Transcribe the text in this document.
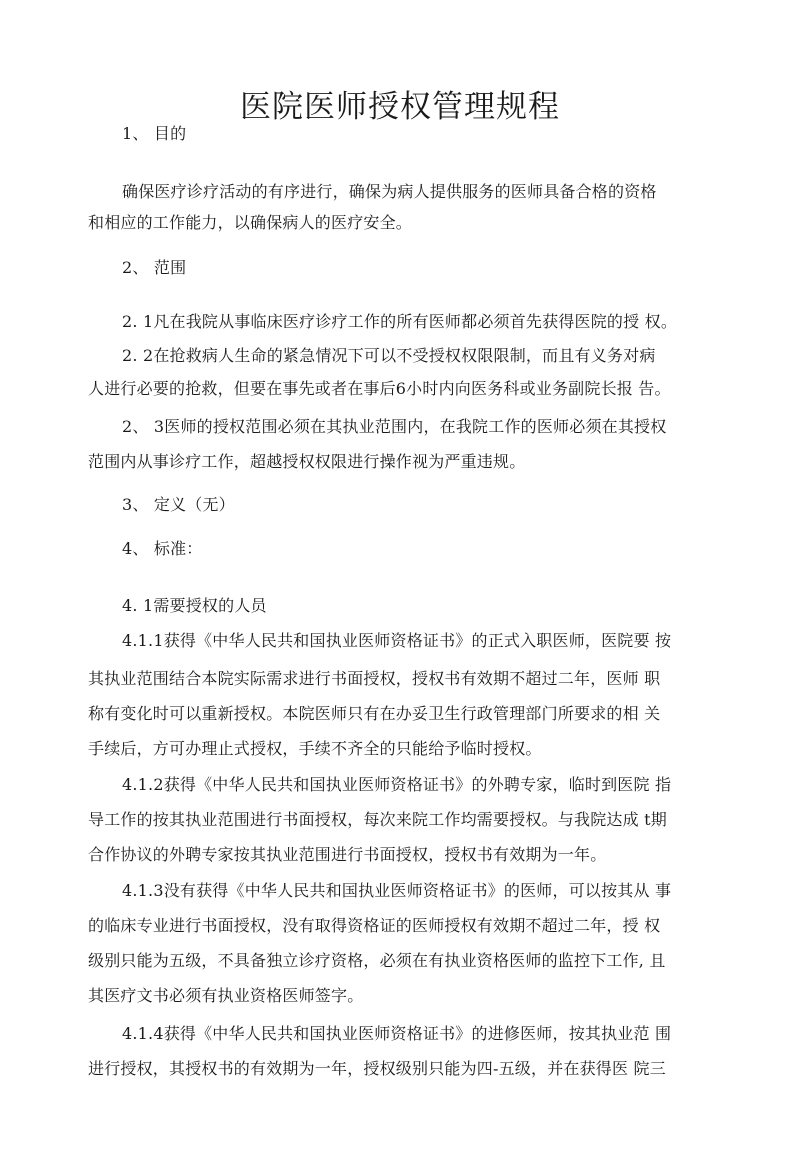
医院医师授权管理规程
1、 目的
确保医疗诊疗活动的有序进行，确保为病人提供服务的医师具备合格的资格
和相应的工作能力，以确保病人的医疗安全。
2、 范围
2. 1凡在我院从事临床医疗诊疗工作的所有医师都必须首先获得医院的授 权。
2. 2在抢救病人生命的紧急情况下可以不受授权权限限制，而且有义务对病
人进行必要的抢救，但要在事先或者在事后6小时内向医务科或业务副院长报 告。
2、 3医师的授权范围必须在其执业范围内，在我院工作的医师必须在其授权
范围内从事诊疗工作，超越授权权限进行操作视为严重违规。
3、 定义（无）
4、 标准：
4. 1需要授权的人员
4.1.1获得《中华人民共和国执业医师资格证书》的正式入职医师，医院要 按
其执业范围结合本院实际需求进行书面授权，授权书有效期不超过二年，医师 职
称有变化时可以重新授权。本院医师只有在办妥卫生行政管理部门所要求的相 关
手续后，方可办理止式授权，手续不齐全的只能给予临时授权。
4.1.2获得《中华人民共和国执业医师资格证书》的外聘专家，临时到医院 指
导工作的按其执业范围进行书面授权，每次来院工作均需要授权。与我院达成 t期
合作协议的外聘专家按其执业范围进行书面授权，授权书有效期为一年。
4.1.3没有获得《中华人民共和国执业医师资格证书》的医师，可以按其从 事
的临床专业进行书面授权，没有取得资格证的医师授权有效期不超过二年，授 权
级别只能为五级，不具备独立诊疗资格，必须在有执业资格医师的监控下工作, 且
其医疗文书必须有执业资格医师签字。
4.1.4获得《中华人民共和国执业医师资格证书》的进修医师，按其执业范 围
进行授权，其授权书的有效期为一年，授权级别只能为四-五级，并在获得医 院三
